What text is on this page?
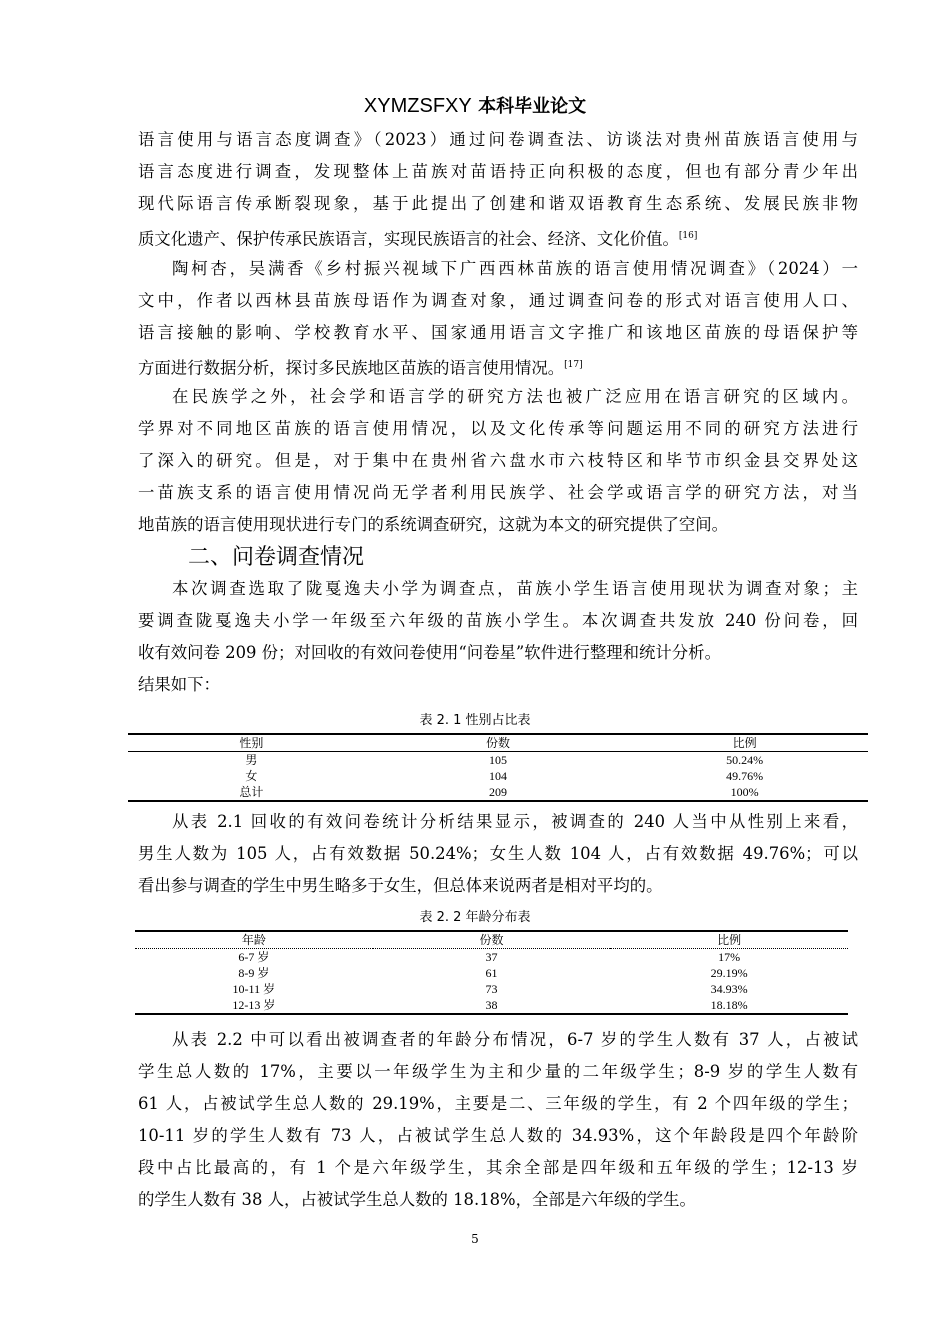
XYMZSFXY 本科毕业论文
语言使用与语言态度调查》（2023）通过问卷调查法、访谈法对贵州苗族语言使用与
语言态度进行调查，发现整体上苗族对苗语持正向积极的态度，但也有部分青少年出
现代际语言传承断裂现象，基于此提出了创建和谐双语教育生态系统、发展民族非物
质文化遗产、保护传承民族语言，实现民族语言的社会、经济、文化价值。[16]
陶柯杏，吴满香《乡村振兴视域下广西西林苗族的语言使用情况调查》（2024）一
文中，作者以西林县苗族母语作为调查对象，通过调查问卷的形式对语言使用人口、
语言接触的影响、学校教育水平、国家通用语言文字推广和该地区苗族的母语保护等
方面进行数据分析，探讨多民族地区苗族的语言使用情况。[17]
在民族学之外，社会学和语言学的研究方法也被广泛应用在语言研究的区域内。
学界对不同地区苗族的语言使用情况，以及文化传承等问题运用不同的研究方法进行
了深入的研究。但是，对于集中在贵州省六盘水市六枝特区和毕节市织金县交界处这
一苗族支系的语言使用情况尚无学者利用民族学、社会学或语言学的研究方法，对当
地苗族的语言使用现状进行专门的系统调查研究，这就为本文的研究提供了空间。
本次调查选取了陇戛逸夫小学为调查点，苗族小学生语言使用现状为调查对象；主
要调查陇戛逸夫小学一年级至六年级的苗族小学生。本次调查共发放 240 份问卷，回
收有效问卷 209 份；对回收的有效问卷使用“问卷星”软件进行整理和统计分析。
结果如下：
从表 2.1 回收的有效问卷统计分析结果显示，被调查的 240 人当中从性别上来看，
男生人数为 105 人，占有效数据 50.24%；女生人数 104 人，占有效数据 49.76%；可以
看出参与调查的学生中男生略多于女生，但总体来说两者是相对平均的。
从表 2.2 中可以看出被调查者的年龄分布情况，6-7 岁的学生人数有 37 人，占被试
学生总人数的 17%，主要以一年级学生为主和少量的二年级学生；8-9 岁的学生人数有
61 人，占被试学生总人数的 29.19%，主要是二、三年级的学生，有 2 个四年级的学生；
10-11 岁的学生人数有 73 人，占被试学生总人数的 34.93%，这个年龄段是四个年龄阶
段中占比最高的，有 1 个是六年级学生，其余全部是四年级和五年级的学生；12-13 岁
的学生人数有 38 人，占被试学生总人数的 18.18%，全部是六年级的学生。
二、问卷调查情况
表 2. 1 性别占比表
性别	份数	比例
男	105	50.24%
女	104	49.76%
总计	209	100%
表 2. 2 年龄分布表
年龄	份数	比例
6-7 岁	37	17%
8-9 岁	61	29.19%
10-11 岁	73	34.93%
12-13 岁	38	18.18%
5
